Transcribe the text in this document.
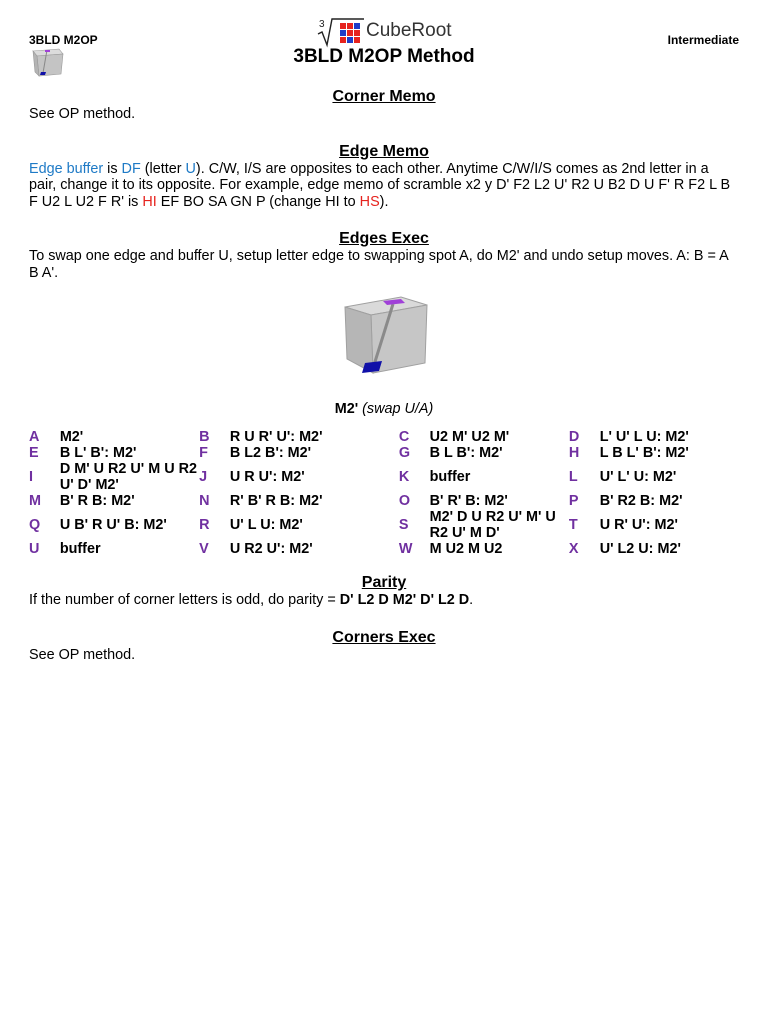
3BLD M2OP	Intermediate
3 CubeRoot
3BLD M2OP Method
Corner Memo

See OP method.

Edge Memo

Edge buffer is DF (letter U). C/W, I/S are opposites to each other. Anytime C/W/I/S comes as 2nd letter in a pair, change it to its opposite. For example, edge memo of scramble x2 y D' F2 L2 U' R2 U B2 D U F' R F2 L B F U2 L U2 F R' is HI EF BO SA GN P (change HI to HS).

Edges Exec

To swap one edge and buffer U, setup letter edge to swapping spot A, do M2' and undo setup moves. A: B = A B A'.

M2' (swap U/A)
A	M2'	B	R U R' U': M2'	C	U2 M' U2 M'	D	L' U' L U: M2'
E	B L' B': M2'	F	B L2 B': M2'	G	B L B': M2'	H	L B L' B': M2'
I	D M' U R2 U' M U R2 U' D' M2'	J	U R U': M2'	K	buffer	L	U' L' U: M2'
M	B' R B: M2'	N	R' B' R B: M2'	O	B' R' B: M2'	P	B' R2 B: M2'
Q	U B' R U' B: M2'	R	U' L U: M2'	S	M2' D U R2 U' M' U R2 U' M D'	T	U R' U': M2'
U	buffer	V	U R2 U': M2'	W	M U2 M U2	X	U' L2 U: M2'
Parity

If the number of corner letters is odd, do parity = D' L2 D M2' D' L2 D.

Corners Exec

See OP method.
